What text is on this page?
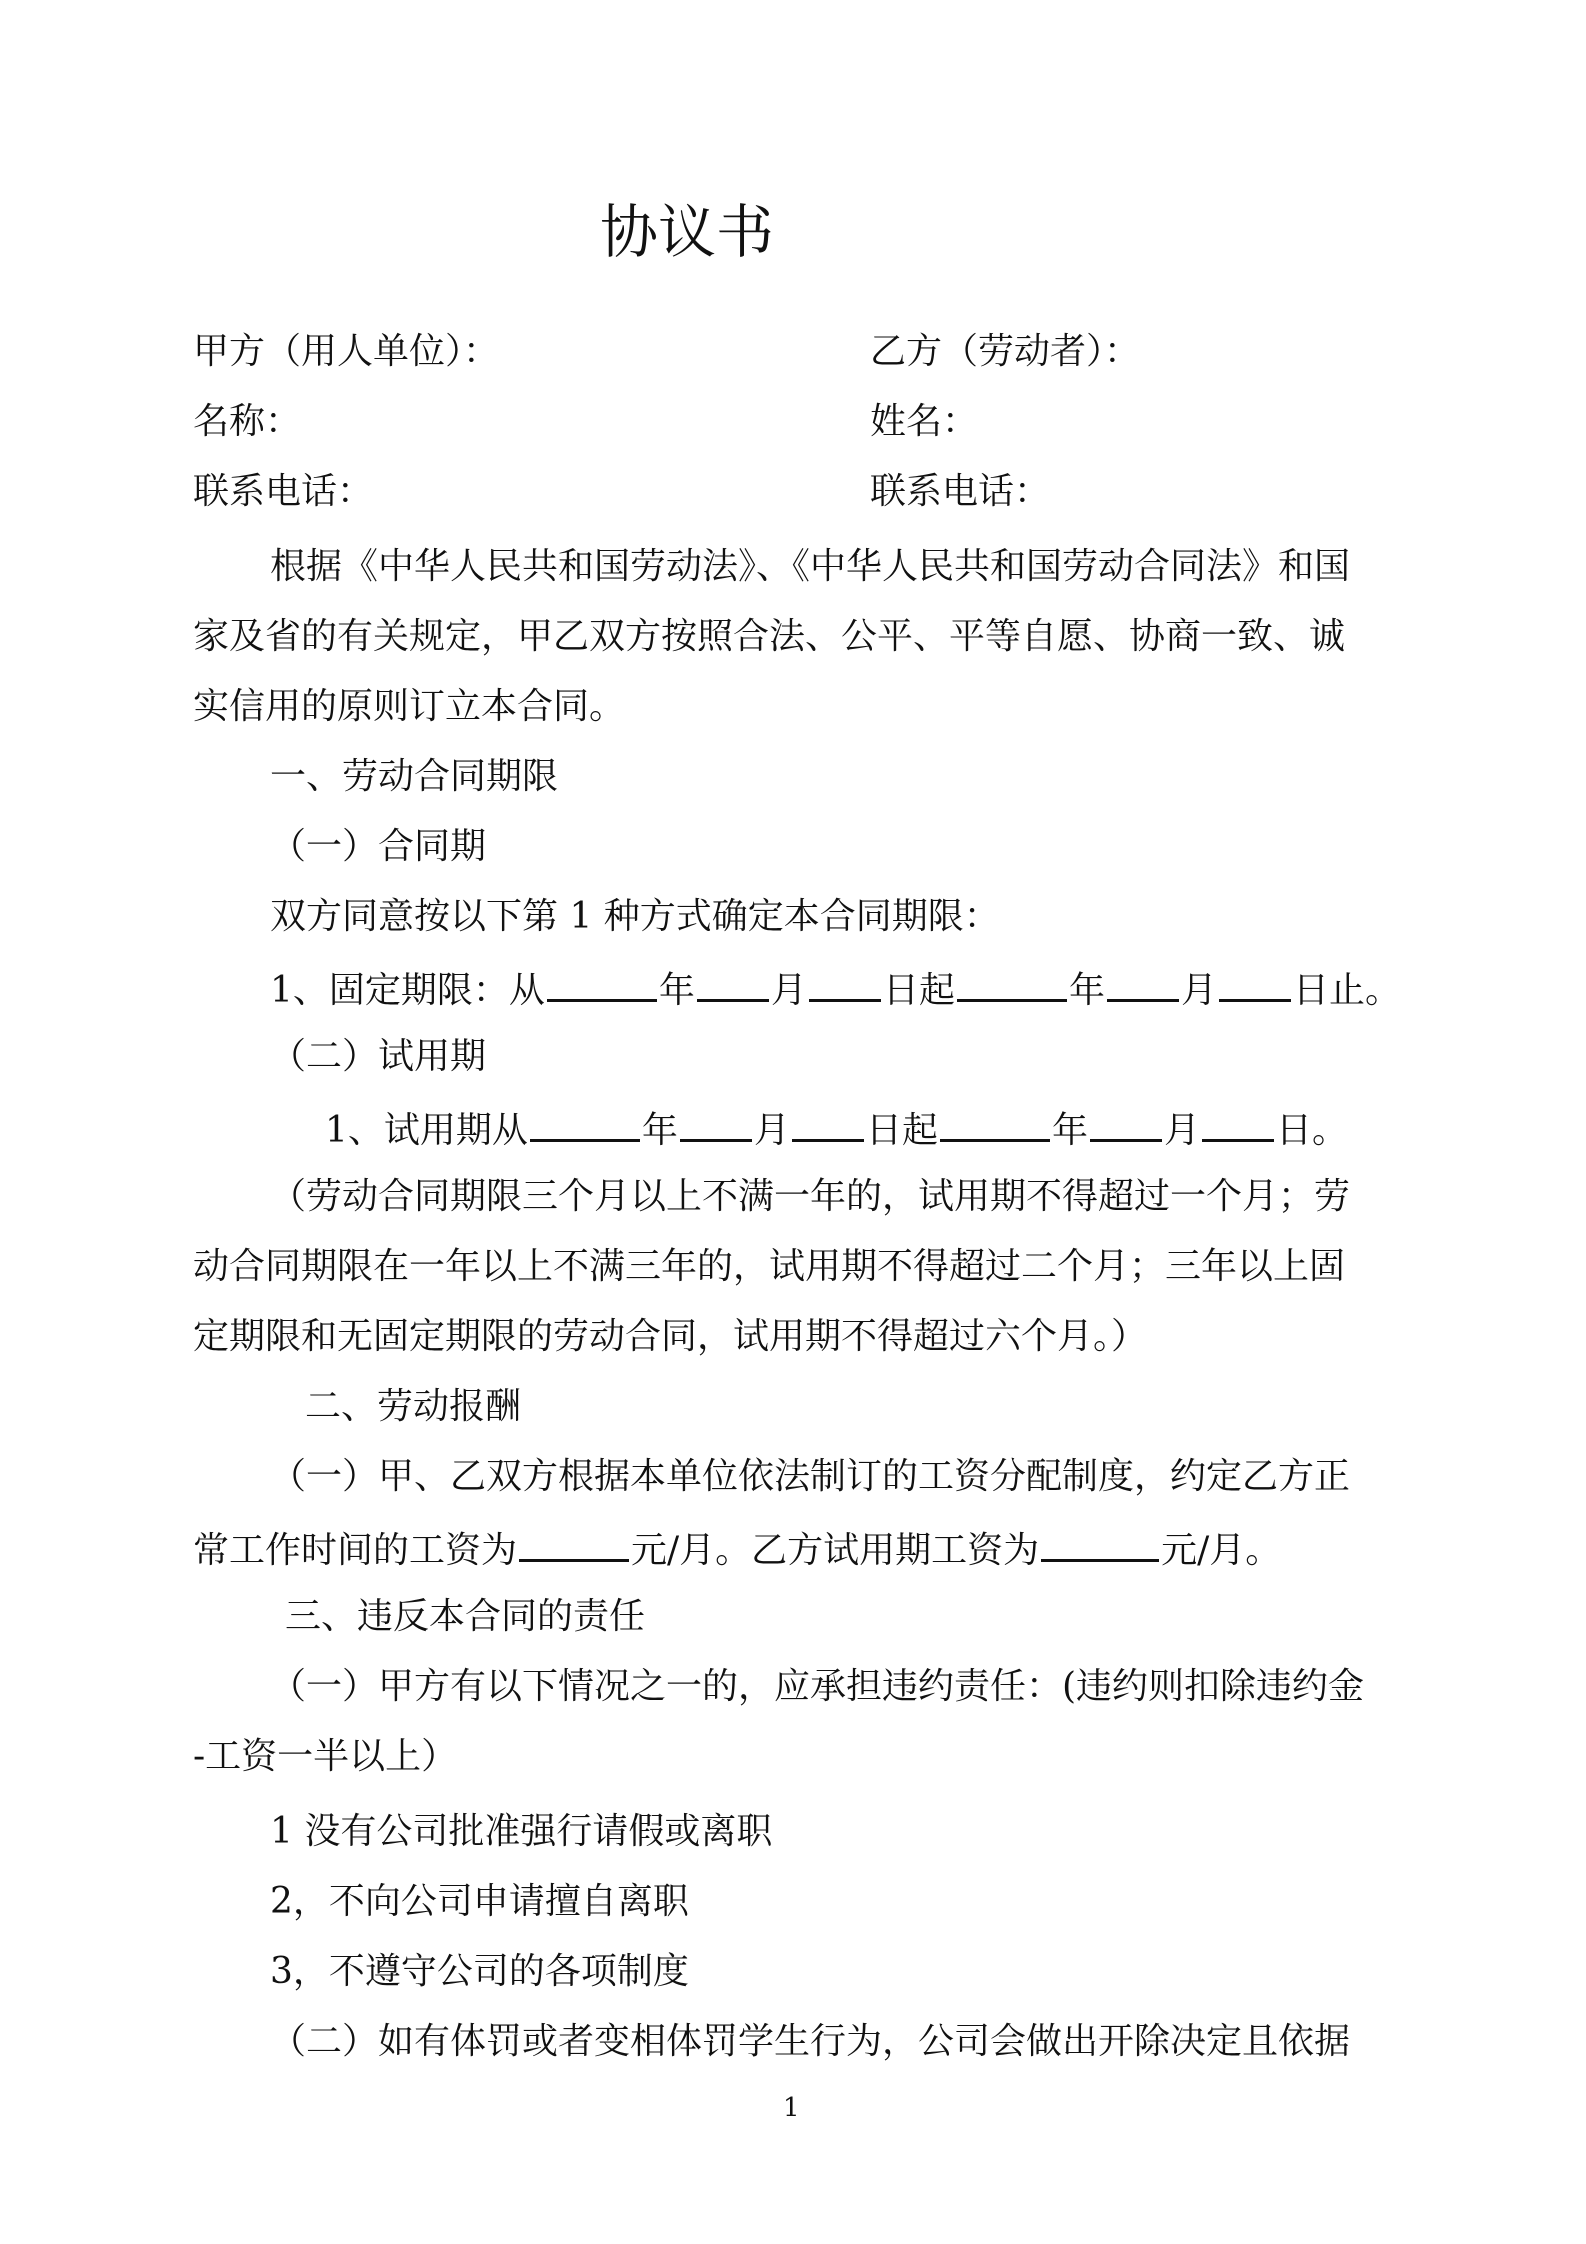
协议书
甲方（用人单位）：	乙方（劳动者）：
名称：	姓名：
联系电话：	联系电话：
根据《中华人民共和国劳动法》、《中华人民共和国劳动合同法》和国
家及省的有关规定，甲乙双方按照合法、公平、平等自愿、协商一致、诚
实信用的原则订立本合同。
一、劳动合同期限
（一）合同期
双方同意按以下第 1 种方式确定本合同期限：
1、固定期限：从	年 月 日起	年 月 日止。
（二）试用期
1、试用期从	年 月 日起	年 月 日。
（劳动合同期限三个月以上不满一年的，试用期不得超过一个月；劳
动合同期限在一年以上不满三年的，试用期不得超过二个月；三年以上固
定期限和无固定期限的劳动合同，试用期不得超过六个月。）
二、劳动报酬
（一）甲、乙双方根据本单位依法制订的工资分配制度，约定乙方正
常工作时间的工资为	元/月。乙方试用期工资为	元/月。
三、违反本合同的责任
（一）甲方有以下情况之一的，应承担违约责任：(违约则扣除违约金
-工资一半以上）
1 没有公司批准强行请假或离职
2，不向公司申请擅自离职
3，不遵守公司的各项制度
（二）如有体罚或者变相体罚学生行为，公司会做出开除决定且依据
1
